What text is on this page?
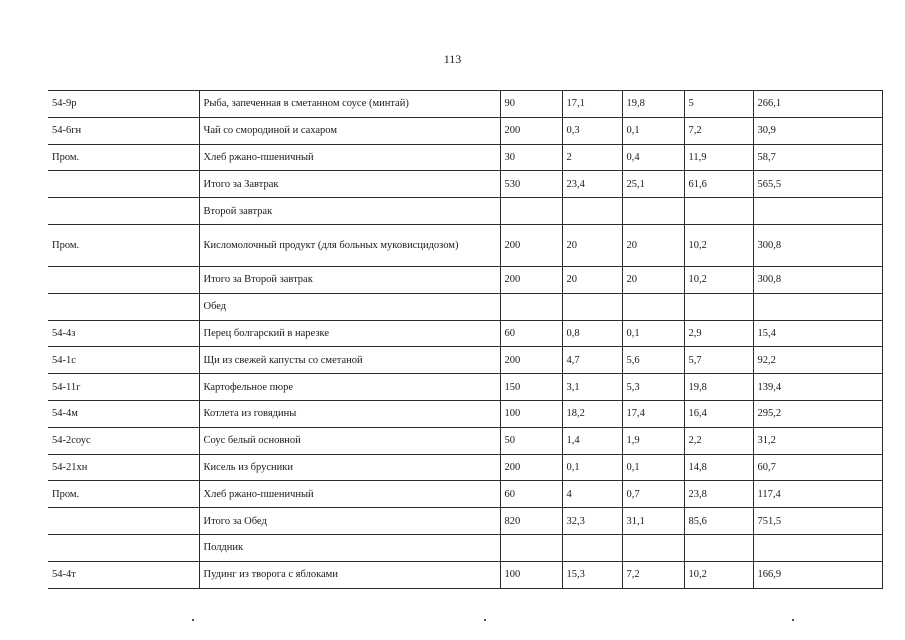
113
54-9р	Рыба, запеченная в сметанном соусе (минтай)	90	17,1	19,8	5	266,1
54-6гн	Чай со смородиной и сахаром	200	0,3	0,1	7,2	30,9
Пром.	Хлеб ржано-пшеничный	30	2	0,4	11,9	58,7
	Итого за Завтрак	530	23,4	25,1	61,6	565,5
	Второй завтрак					
Пром.	Кисломолочный продукт (для больных муковисцидозом)	200	20	20	10,2	300,8
	Итого за Второй завтрак	200	20	20	10,2	300,8
	Обед					
54-4з	Перец болгарский в нарезке	60	0,8	0,1	2,9	15,4
54-1с	Щи из свежей капусты со сметаной	200	4,7	5,6	5,7	92,2
54-11г	Картофельное пюре	150	3,1	5,3	19,8	139,4
54-4м	Котлета из говядины	100	18,2	17,4	16,4	295,2
54-2соус	Соус белый основной	50	1,4	1,9	2,2	31,2
54-21хн	Кисель из брусники	200	0,1	0,1	14,8	60,7
Пром.	Хлеб ржано-пшеничный	60	4	0,7	23,8	117,4
	Итого за Обед	820	32,3	31,1	85,6	751,5
	Полдник					
54-4т	Пудинг из творога с яблоками	100	15,3	7,2	10,2	166,9
